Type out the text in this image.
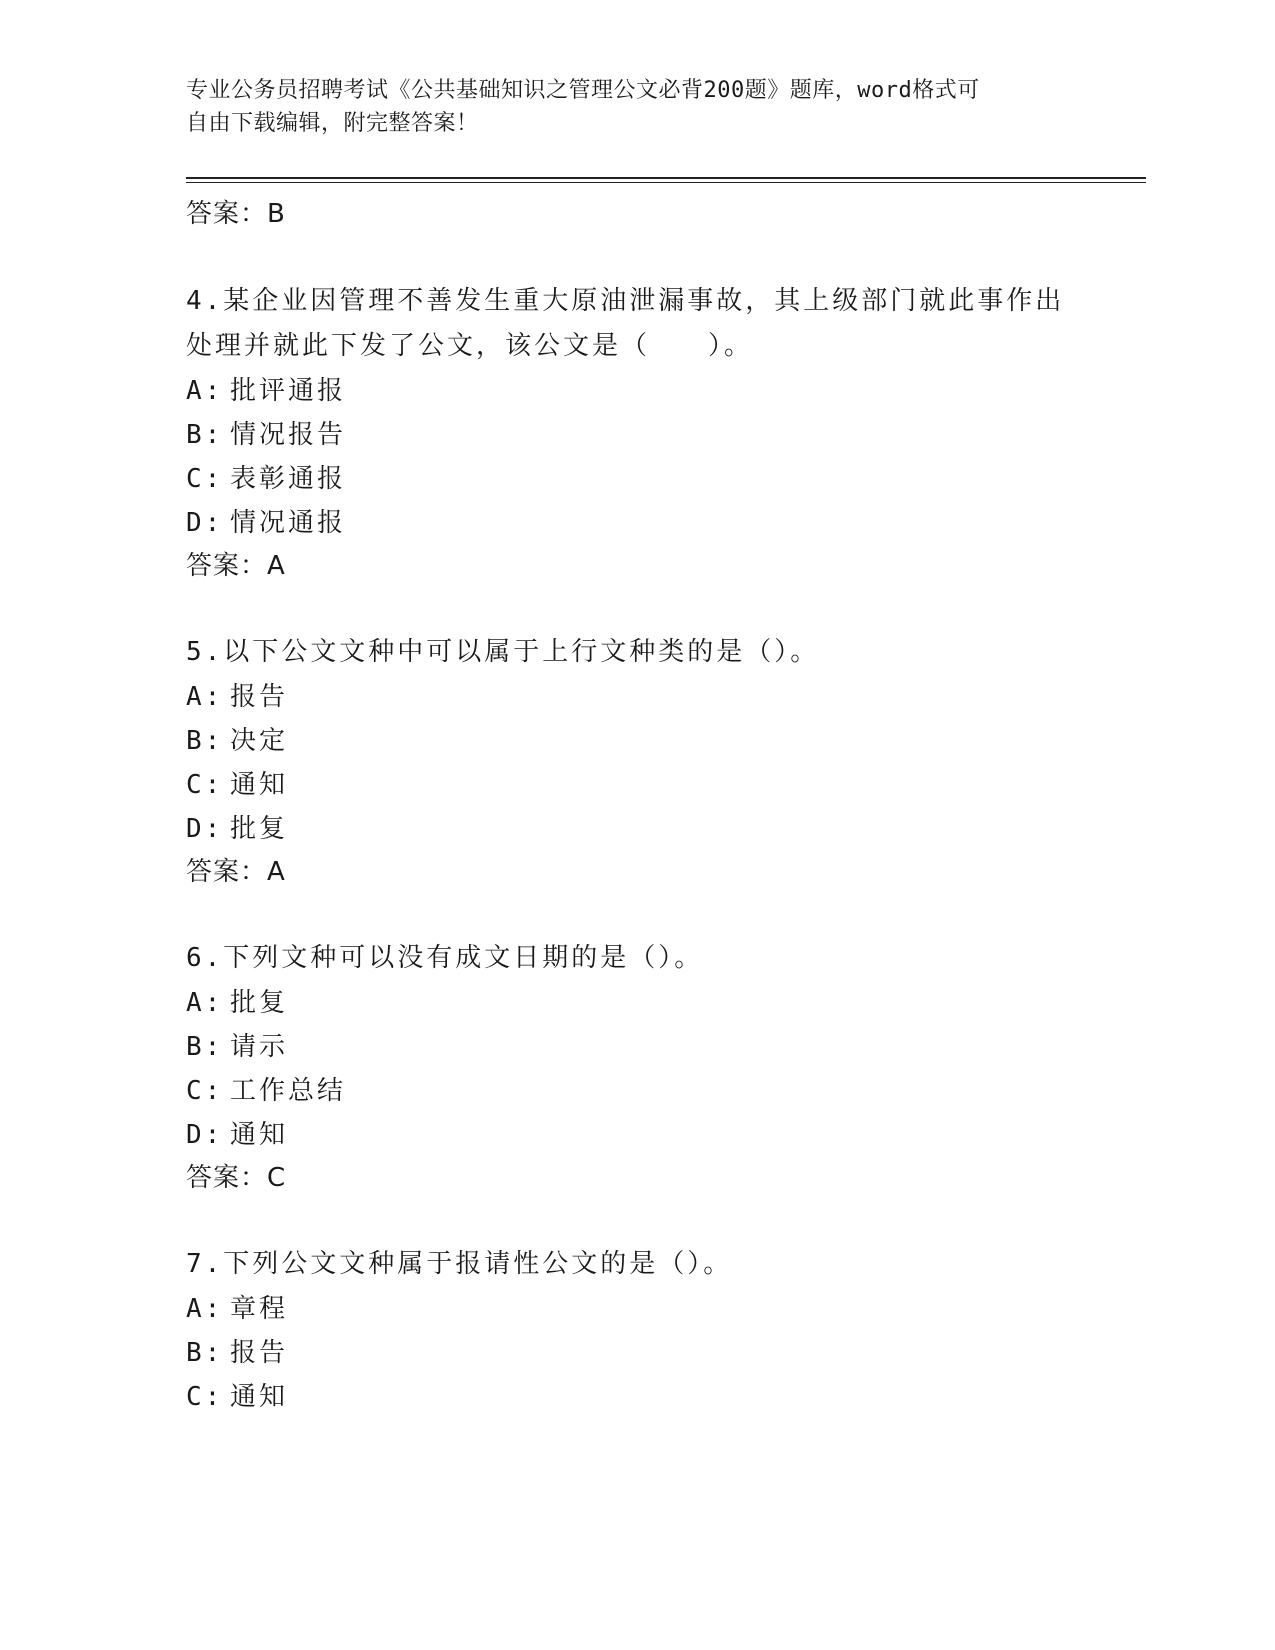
专业公务员招聘考试《公共基础知识之管理公文必背200题》题库，word格式可
自由下载编辑，附完整答案！
答案：B
4.某企业因管理不善发生重大原油泄漏事故，其上级部门就此事作出
处理并就此下发了公文，该公文是（　　）。
A: 批评通报
B: 情况报告
C: 表彰通报
D: 情况通报
答案：A
5.以下公文文种中可以属于上行文种类的是（）。
A: 报告
B: 决定
C: 通知
D: 批复
答案：A
6.下列文种可以没有成文日期的是（）。
A: 批复
B: 请示
C: 工作总结
D: 通知
答案：C
7.下列公文文种属于报请性公文的是（）。
A: 章程
B: 报告
C: 通知
